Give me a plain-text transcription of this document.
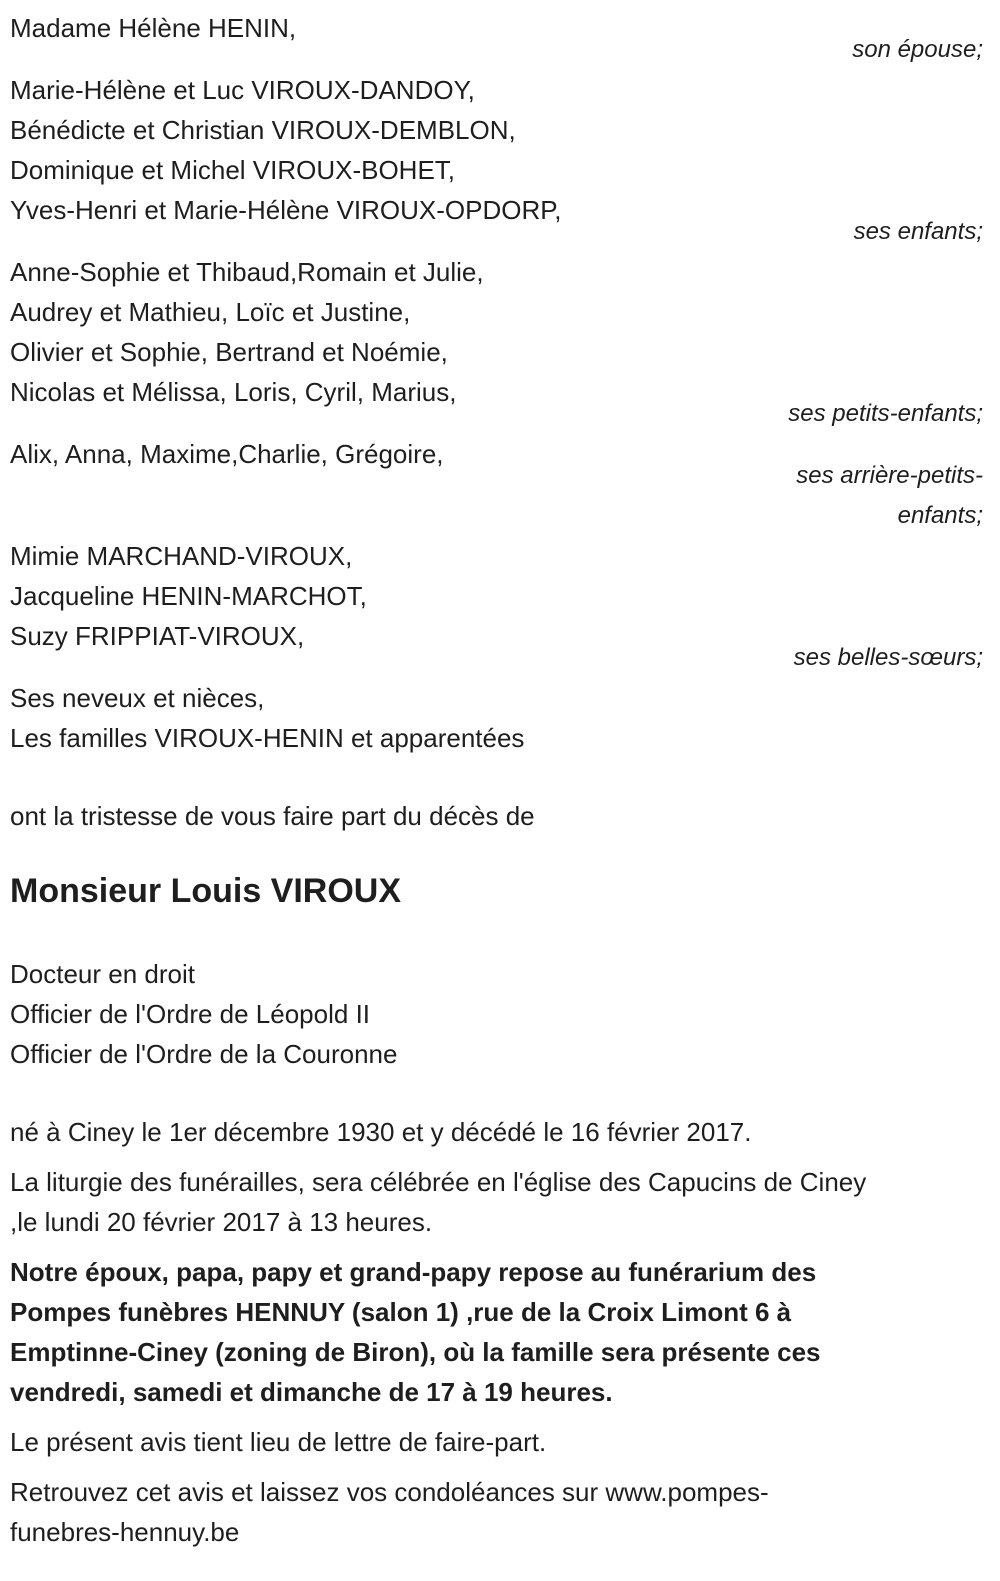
Madame Hélène HENIN,
son épouse;
Marie-Hélène et Luc VIROUX-DANDOY,
Bénédicte et Christian VIROUX-DEMBLON,
Dominique et Michel VIROUX-BOHET,
Yves-Henri et Marie-Hélène VIROUX-OPDORP,
ses enfants;
Anne-Sophie et Thibaud,Romain et Julie,
Audrey et Mathieu, Loïc et Justine,
Olivier et Sophie, Bertrand et Noémie,
Nicolas et Mélissa, Loris, Cyril, Marius,
ses petits-enfants;
Alix, Anna, Maxime,Charlie, Grégoire,
ses arrière-petits-
enfants;
Mimie MARCHAND-VIROUX,
Jacqueline HENIN-MARCHOT,
Suzy FRIPPIAT-VIROUX,
ses belles-sœurs;
Ses neveux et nièces,
Les familles VIROUX-HENIN et apparentées
ont la tristesse de vous faire part du décès de
Monsieur Louis VIROUX
Docteur en droit
Officier de l'Ordre de Léopold II
Officier de l'Ordre de la Couronne
né à Ciney le 1er décembre 1930 et y décédé le 16 février 2017.
La liturgie des funérailles, sera célébrée en l'église des Capucins de Ciney
,le lundi 20 février 2017 à 13 heures.
Notre époux, papa, papy et grand-papy repose au funérarium des
Pompes funèbres HENNUY (salon 1) ,rue de la Croix Limont 6 à
Emptinne-Ciney (zoning de Biron), où la famille sera présente ces
vendredi, samedi et dimanche de 17 à 19 heures.
Le présent avis tient lieu de lettre de faire-part.
Retrouvez cet avis et laissez vos condoléances sur www.pompes-
funebres-hennuy.be
